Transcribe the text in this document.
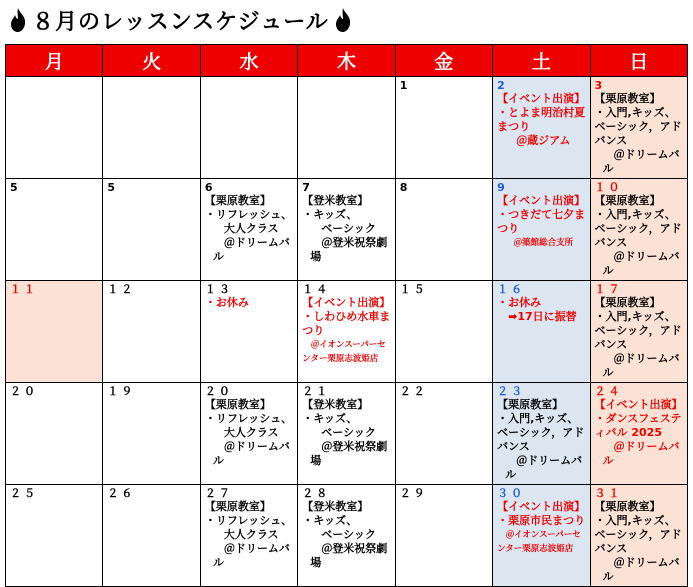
８月のレッスンスケジュール
月	火	水	木	金	土	日

				1	2
【イベント出演】
・とよま明治村夏まつり
　＠蔵ジアム	3
【栗原教室】
・入門,キッズ、ベーシック，アドバンス
　＠ドリームバル

5	5	6
【栗原教室】
・リフレッシュ、
　大人クラス
　＠ドリームバル	7
【登米教室】
・キッズ、
　ベーシック
　＠登米祝祭劇場	8	9
【イベント出演】
・つきだて七夕まつり
　＠築館総合支所	１０
【栗原教室】
・入門,キッズ、ベーシック，アドバンス
　＠ドリームバル

１１	１２	１３
・お休み	１４
【イベント出演】
・しわひめ水車まつり
　＠イオンスーパーセンター栗原志波姫店	１５	１６
・お休み
　➡17日に振替	１７
【栗原教室】
・入門,キッズ、ベーシック，アドバンス
　＠ドリームバル

２０	１９	２０
【栗原教室】
・リフレッシュ、
　大人クラス
　＠ドリームバル	２１
【登米教室】
・キッズ、
　ベーシック
　＠登米祝祭劇場	２２	２３
【栗原教室】
・入門,キッズ、ベーシック，アドバンス
　＠ドリームバル	２４
【イベント出演】
・ダンスフェスティバル 2025
　＠ドリームバル

２５	２６	２７
【栗原教室】
・リフレッシュ、
　大人クラス
　＠ドリームバル	２８
【登米教室】
・キッズ、
　ベーシック
　＠登米祝祭劇場	２９	３０
【イベント出演】
・栗原市民まつり
　＠イオンスーパーセンター栗原志波姫店	３１
【栗原教室】
・入門,キッズ、ベーシック，アドバンス
　＠ドリームバル
